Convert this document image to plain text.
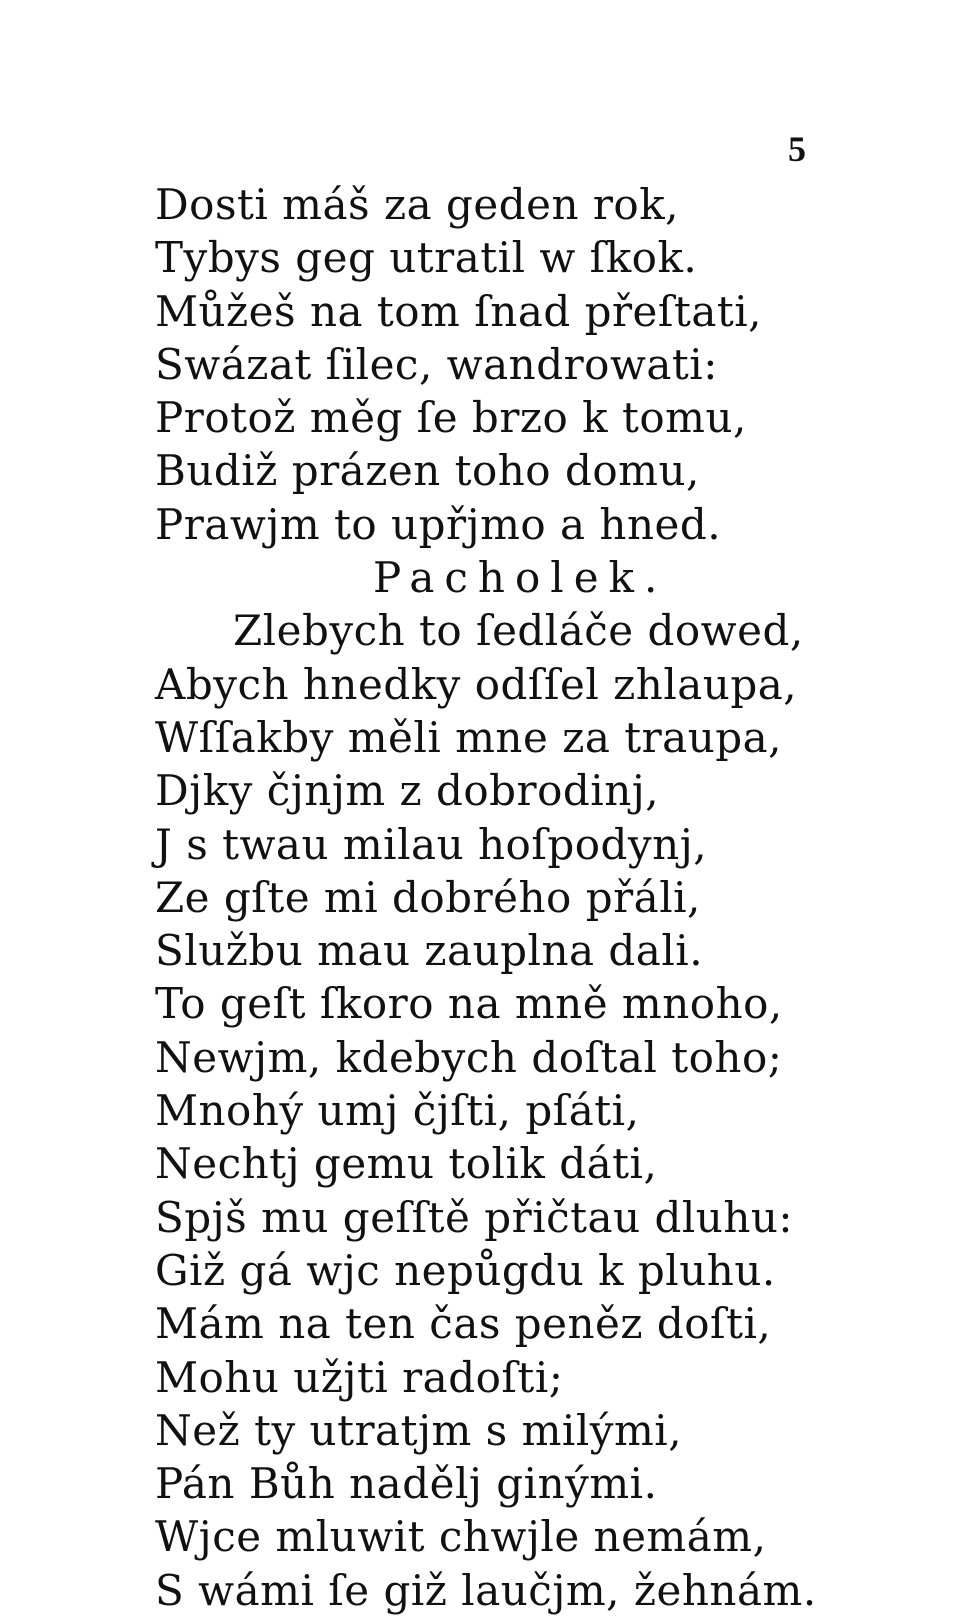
5
Dosti máš za geden rok,
Tybys geg utratil w ſkok.
Můžeš na tom ſnad přeſtati,
Swázat ſilec, wandrowati:
Protož měg ſe brzo k tomu,
Budiž prázen toho domu,
Prawjm to upřjmo a hned.
Pacholek.
Zlebych to ſedláče dowed,
Abych hnedky odſſel zhlaupa,
Wſſakby měli mne za traupa,
Djky čjnjm z dobrodinj,
J s twau milau hoſpodynj,
Ze gſte mi dobrého přáli,
Službu mau zauplna dali.
To geſt ſkoro na mně mnoho,
Newjm, kdebych doſtal toho;
Mnohý umj čjſti, pſáti,
Nechtj gemu tolik dáti,
Spjš mu geſſtě přičtau dluhu:
Giž gá wjc nepůgdu k pluhu.
Mám na ten čas peněz doſti,
Mohu užjti radoſti;
Než ty utratjm s milými,
Pán Bůh nadělj ginými.
Wjce mluwit chwjle nemám,
S wámi ſe giž laučjm, žehnám.
